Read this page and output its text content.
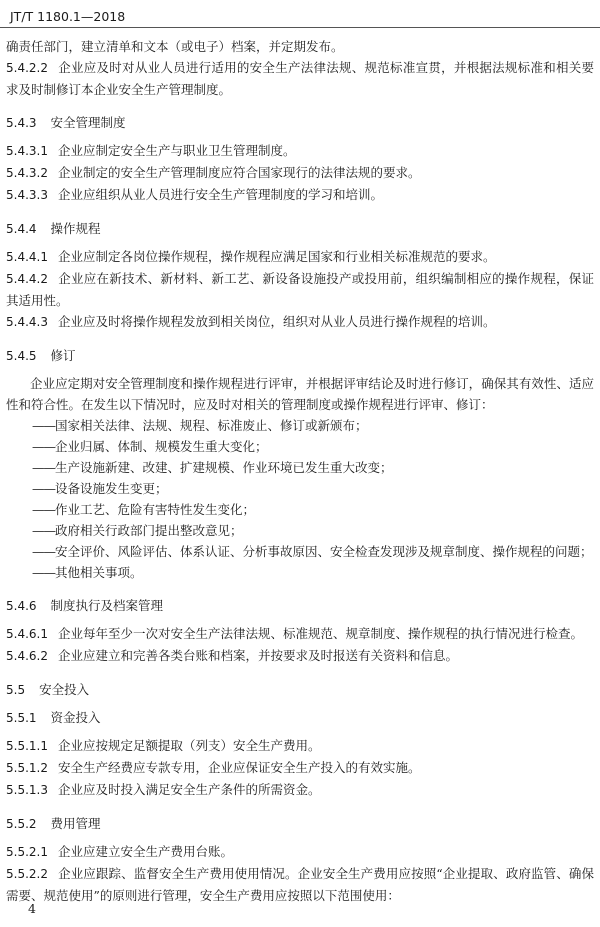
JT/T 1180.1—2018

确责任部门，建立清单和文本（或电子）档案，并定期发布。

5.4.2.2 企业应及时对从业人员进行适用的安全生产法律法规、规范标准宣贯，并根据法规标准和相关要求及时制修订本企业安全生产管理制度。

5.4.3 安全管理制度

5.4.3.1 企业应制定安全生产与职业卫生管理制度。

5.4.3.2 企业制定的安全生产管理制度应符合国家现行的法律法规的要求。

5.4.3.3 企业应组织从业人员进行安全生产管理制度的学习和培训。

5.4.4 操作规程

5.4.4.1 企业应制定各岗位操作规程，操作规程应满足国家和行业相关标准规范的要求。

5.4.4.2 企业应在新技术、新材料、新工艺、新设备设施投产或投用前，组织编制相应的操作规程，保证其适用性。

5.4.4.3 企业应及时将操作规程发放到相关岗位，组织对从业人员进行操作规程的培训。

5.4.5 修订

企业应定期对安全管理制度和操作规程进行评审，并根据评审结论及时进行修订，确保其有效性、适应性和符合性。在发生以下情况时，应及时对相关的管理制度或操作规程进行评审、修订：

——国家相关法律、法规、规程、标准废止、修订或新颁布；
——企业归属、体制、规模发生重大变化；
——生产设施新建、改建、扩建规模、作业环境已发生重大改变；
——设备设施发生变更；
——作业工艺、危险有害特性发生变化；
——政府相关行政部门提出整改意见；
——安全评价、风险评估、体系认证、分析事故原因、安全检查发现涉及规章制度、操作规程的问题；
——其他相关事项。
5.4.6 制度执行及档案管理

5.4.6.1 企业每年至少一次对安全生产法律法规、标准规范、规章制度、操作规程的执行情况进行检查。

5.4.6.2 企业应建立和完善各类台账和档案，并按要求及时报送有关资料和信息。

5.5 安全投入
5.5.1 资金投入

5.5.1.1 企业应按规定足额提取（列支）安全生产费用。

5.5.1.2 安全生产经费应专款专用，企业应保证安全生产投入的有效实施。

5.5.1.3 企业应及时投入满足安全生产条件的所需资金。

5.5.2 费用管理

5.5.2.1 企业应建立安全生产费用台账。

5.5.2.2 企业应跟踪、监督安全生产费用使用情况。企业安全生产费用应按照“企业提取、政府监管、确保需要、规范使用”的原则进行管理，安全生产费用应按照以下范围使用：

4
